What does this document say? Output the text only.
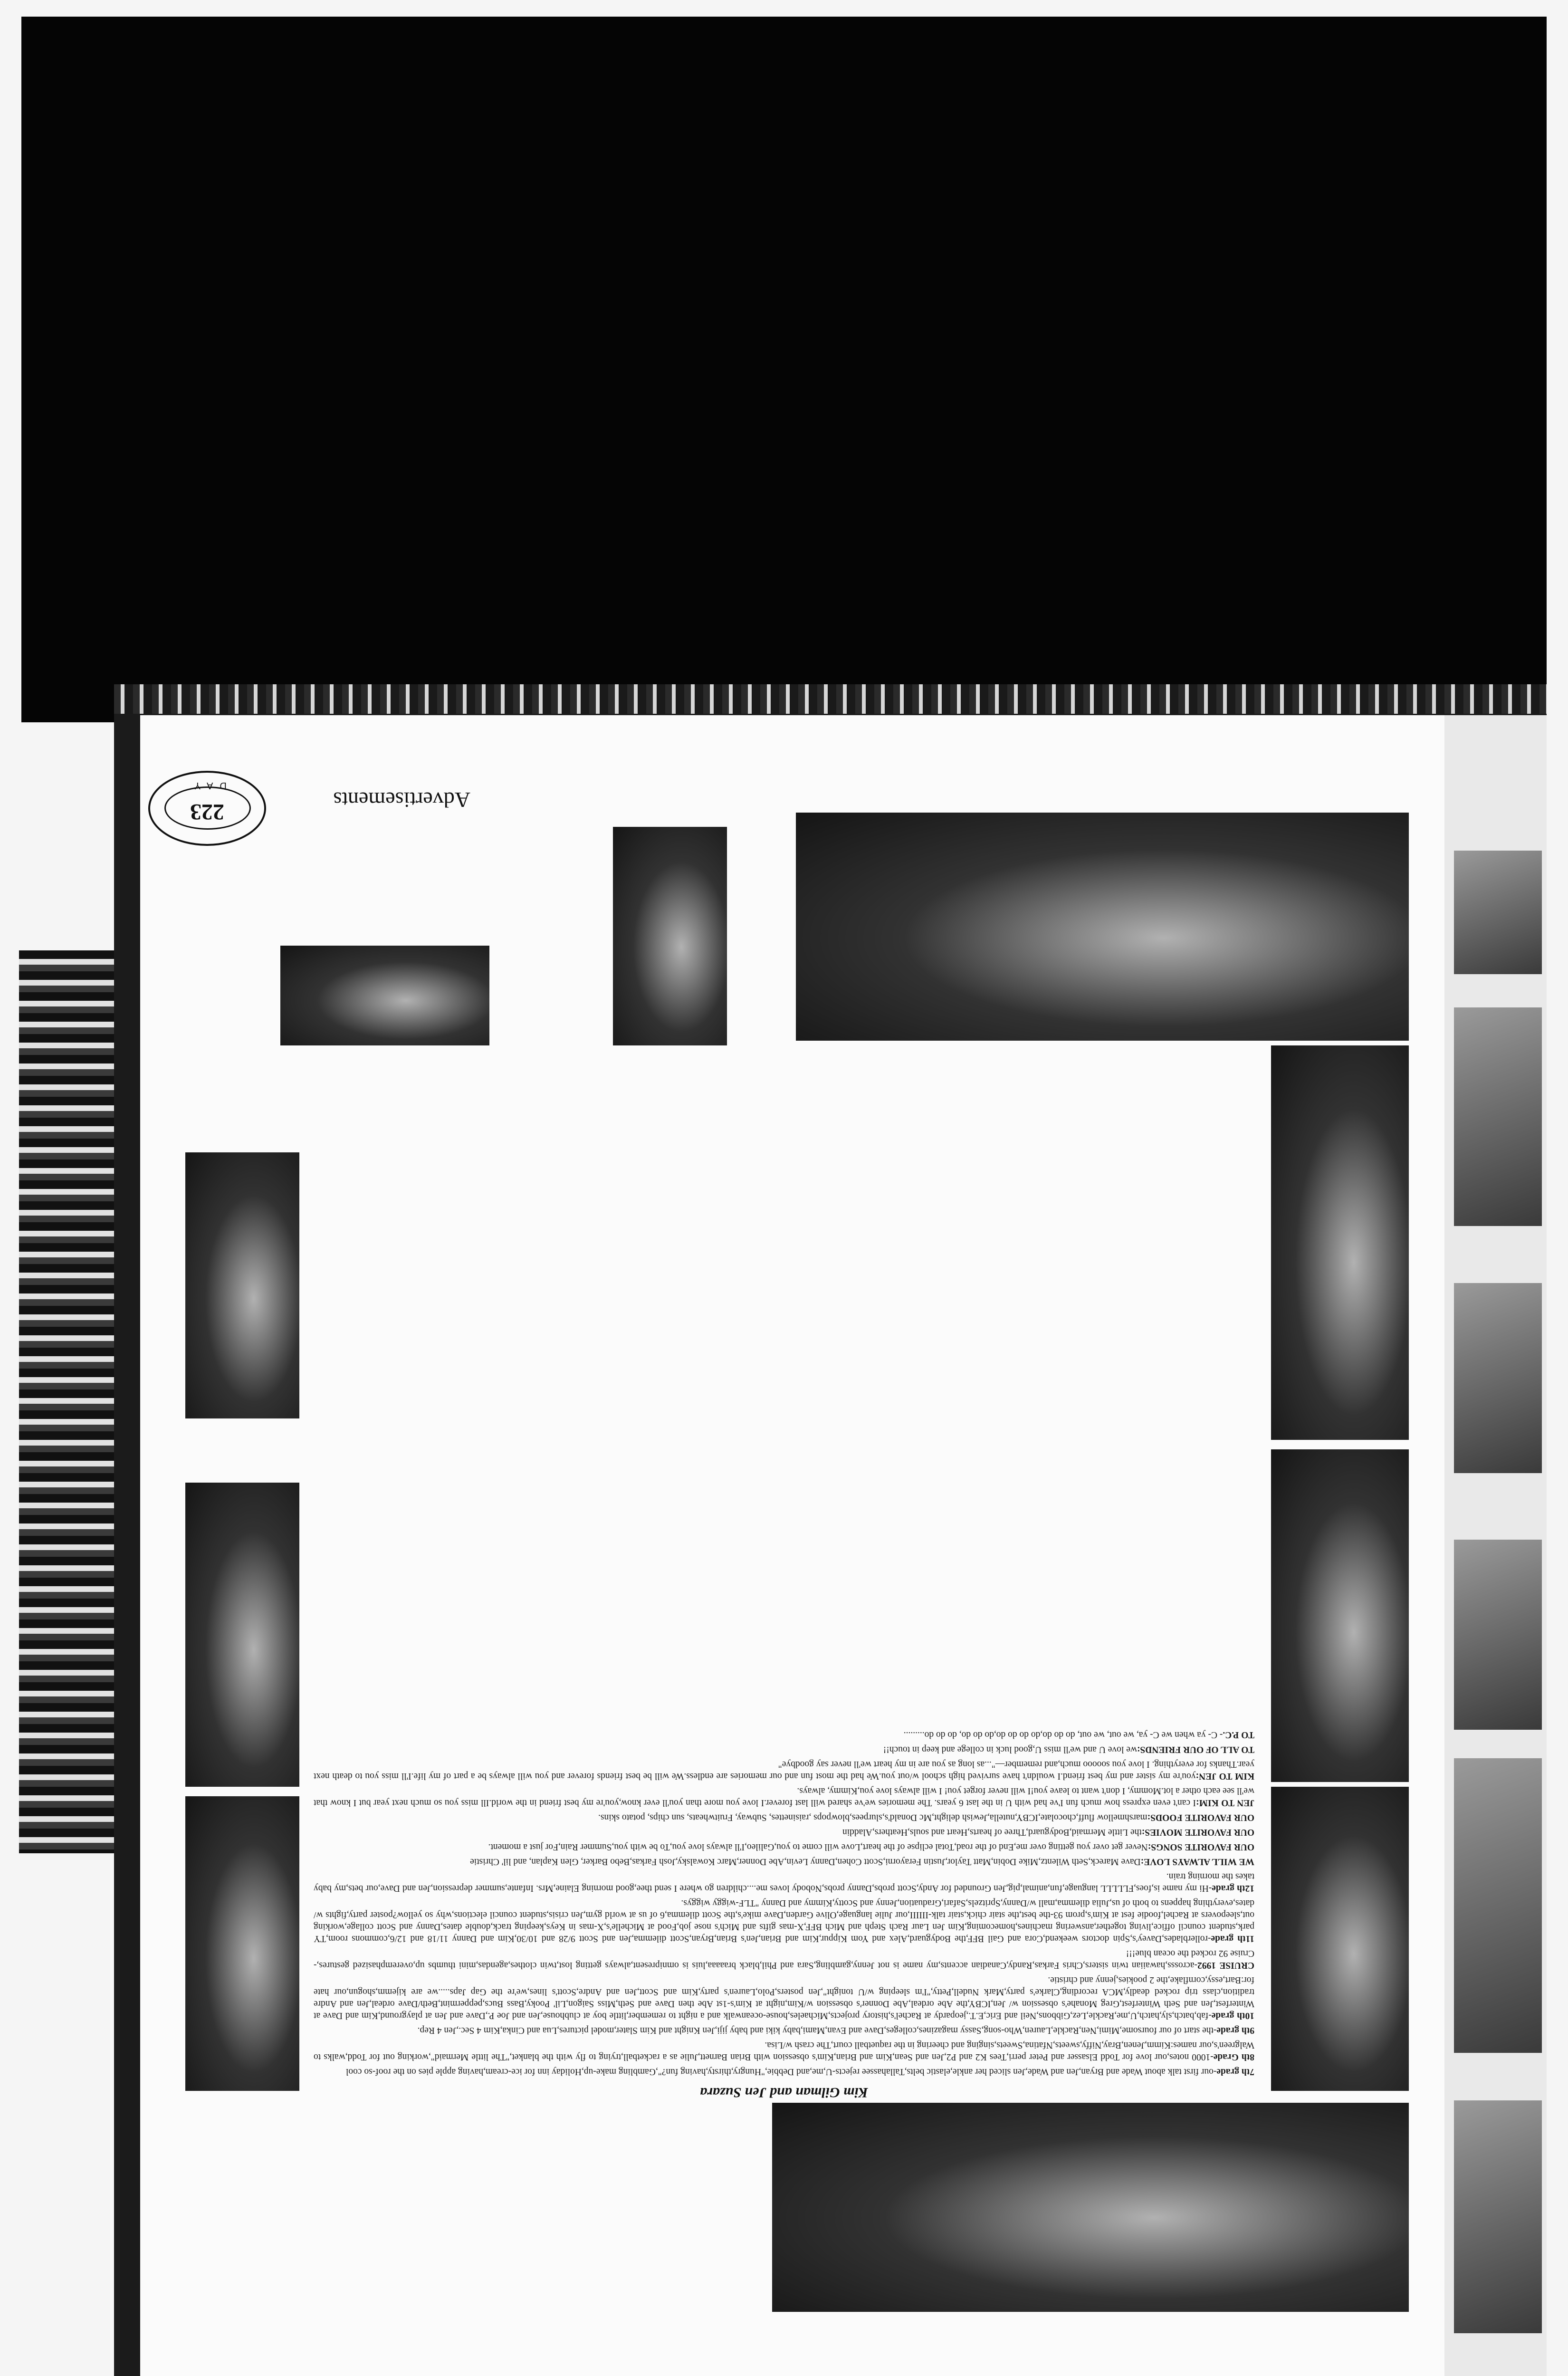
Kim Gilman and Jen Suzara

7th grade-our first talk about Wade and Bryan,Jen and Wade,Jen sliced her ankle,elastic belts,Tallahassee rejects-U,me,and Debbie,"Hungry,thirsty,having fun?",Gambling make-up,Holiday inn for ice-cream,having apple pies on the roof-so cool

8th Grade-1000 notes,our love for Todd Elsasser and Peter perri,Tees K2 and P2,Jen and Sean,Kim and Brian,Kim's obsession with Brian Barnett,Julie as a racketball,trying to fly with the blanket,"The little Mermaid",working out for Todd,walks to Walgreen's,our names:Kimm,Jenen,Bray,Niffy,sweets,Nfatina,Sweets,singing and cheering in the raquetball court,The crash w/Lisa.

9th grade-the start of our foursome,Mimi,Nen,Rackle,Lauren,Who-song,Sassy magazines,colleges,Dave and Evan,Mami,baby kiki and baby jiji,Jen Knight and Kim Slater,model pictures,Lua and Cinka,Kim 4 Sec.,Jen 4 Rep.

10th grade-fab,batch,sly,hatch,U,me,Rackle,Lez,Gibbons,Neil and Eric,E.T.,jeopardy at Rachel's,history projects,Michaeles,house-oceanwalk and a night to remember,little boy at clubhouse,Jen and Joe P.,Dave and Jen at playground,Kim and Dave at Winterfest,Jen and Seth Winterfest,Greg Monahe's obsession w/ Jen,ICBY,the Abe ordeal,Abe Donner's obsession w/Kim,night at Kim's-1st Abe then Dave and Seth,Miss Saigon,Lil' Pooky,Bass Bucs,peppermint,Beth/Dave ordeal,Jen and Andre tradition,class trip rocked deadly,MCA recording,Clarke's party,Mark Nudell,Petty,"I'm sleeping w/U tonight",Jen posters,Polo,Lauren's party,Kim and Scott,Jen and Andre,Scott's lines,we're the Gap Japs.....we are kijemm,shogun,our hate for:Bart,essy,cornflake,the 2 pookies,jenny and christie.

CRUISE 1992-acrosss,hawaiian twin sisters,Chris Farkas,Randy,Canadian accents,my name is not Jenny,gambling,Sara and Phil,black braaaaa,luis is omnipresent,always getting lost,twin clothes,agendas,mini thumbs up,overemphasized gestures,-Cruise 92 rocked the ocean blue!!!

11th grade-rollerblades,Davey's,Spin doctors weekend,Cora and Gail BFF,the Bodyguard,Alex and Yom Kippur,Kim and Brian,Jen's Brian,Bryan,Scott dilemma,Jen and Scott 9/28 and 10/30,Kim and Danny 11/18 and 12/6,commons room,TY park,student council office,living together,answering machines,homecoming,Kim Jen Laur Rach Steph and Mich BFF,X-mas gifts and Mich's nose job,Food at Michelle's,X-mas in Keys,keeping track,double dates,Danny and Scott collage,working out,sleepovers at Rachel,foodie fest at Kim's,prom 93-the best,the stair chick,stair talk-IIIIII,our Julie language,Olive Garden,Dave mike's,the Scott dilemma,6 of us at world gym,Jen crisis,student council elections,why so yellow?poster party,fights w/ dates,everything happens to both of us,Julia dilemma,mall w/Danny,Spritzels,Safari,Graduation,Jenny and Scotty,Kimmy and Danny "TLF-wiggy wiggys.

12th grade-Hi my name is,foes,FLLLLL language,fun,animal,pig,Jen Grounded for Andy,Scott probs,Danny probs,Nobody loves me....children go where I send thee,good morning Elaine,Mrs. Infante,summer depression,Jen and Dave,our bets,my baby takes the morning train.

WE WILL ALWAYS LOVE:Dave Mareck,Seth Wilentz,Mike Dobin,Matt Taylor,Justin Ferayorni,Scott Cohen,Danny Levin,Abe Donner,Marc Kowalsky,Josh Farkas,Bebo Barker, Glen Kaplan, and lil' Christie

OUR FAVORITE SONGS:Never get over you getting over me,End of the road,Total eclipse of the heart,Love will come to you,Galileo,I'll always love you,To be with you,Summer Rain,For just a moment.

OUR FAVORITE MOVIES:the Little Mermaid,Bodyguard,Three of hearts,Heart and souls,Heathers,Aladdin

OUR FAVORITE FOODS:marshmellow fluff,chocolate,ICBY,nutella,Jewish delight,Mc Donald's,slurpees,blowpops ,raisinettes, Subway, Fruitwheats, sun chips, potato skins.

JEN TO KIM:I can't even express how much fun I've had with U in the last 6 years. The memories we've shared will last forever.I love you more than you'll ever know,you're my best friend in the world.Ill miss you so much next year but I know that we'll see each other a lot.Mommy, I don't want to leave you!I will never forget you! I will always love you,Kimmy, always.

KIM TO JEN:you're my sister and my best friend.I wouldn't have survived high school w/out you.We had the most fun and our memories are endless.We will be best friends forever and you will always be a part of my life.I'll miss you to death next year.Thanks for everything. I love you sooooo much,and remember—"...as long as you are in my heart we'll never say goodbye"

TO ALL OF OUR FRIENDS:we love U and we'll miss U,good luck in college and keep in touch!!

TO P.C.- C- ya when we C- ya, we out, we out, do do do,do do do do,do do do, do do do.........

Advertisements
223
DAY
